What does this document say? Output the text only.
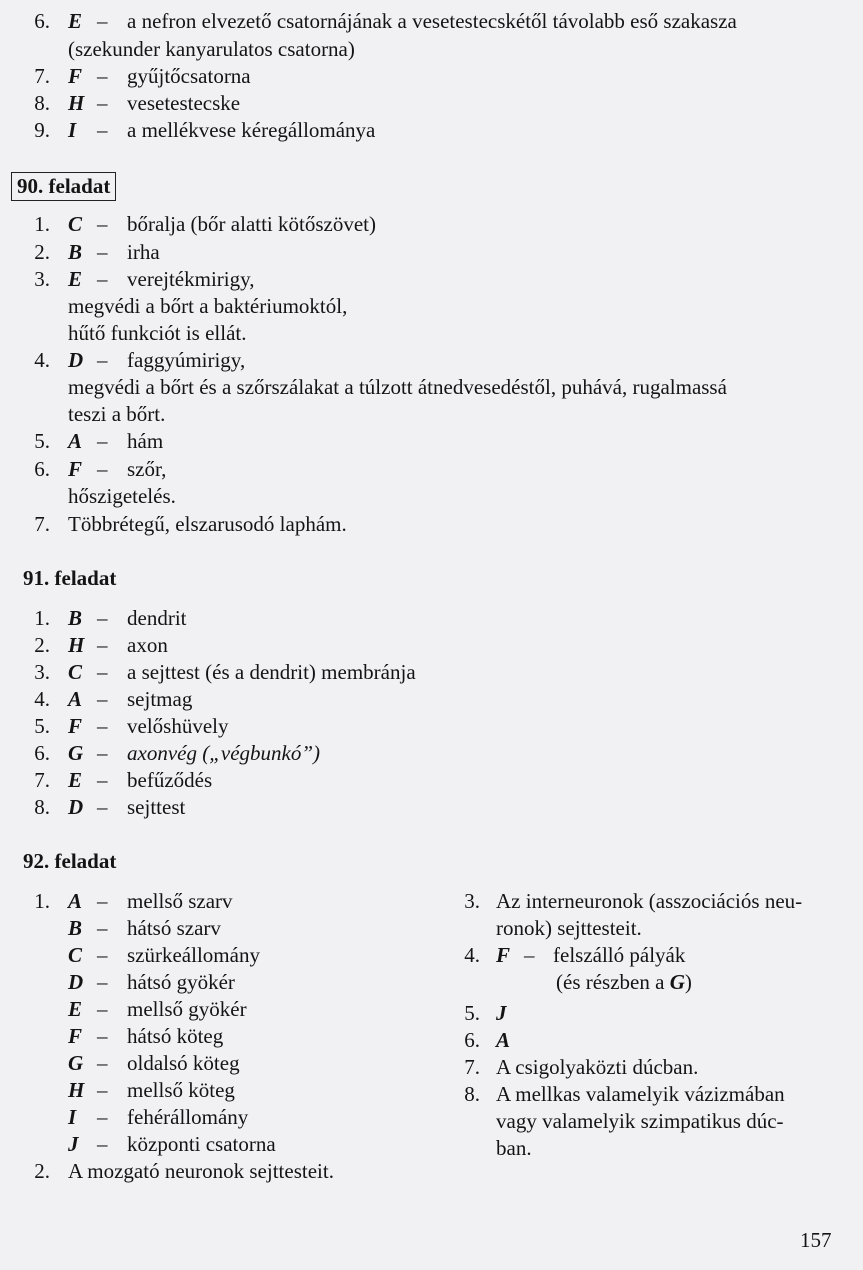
6. E – a nefron elvezető csatornájának a vesetestecskétől távolabb eső szakasza
(szekunder kanyarulatos csatorna)
7. F – gyűjtőcsatorna
8. H – vesetestecske
9. I – a mellékvese kéregállománya
90. feladat
1. C – bőralja (bőr alatti kötőszövet)
2. B – irha
3. E – verejtékmirigy,
megvédi a bőrt a baktériumoktól,
hűtő funkciót is ellát.
4. D – faggyúmirigy,
megvédi a bőrt és a szőrszálakat a túlzott átnedvesedéstől, puhává, rugalmassá
teszi a bőrt.
5. A – hám
6. F – szőr,
hőszigetelés.
7. Többrétegű, elszarusodó laphám.
91. feladat
1. B – dendrit
2. H – axon
3. C – a sejttest (és a dendrit) membránja
4. A – sejtmag
5. F – velőshüvely
6. G – axonvég („végbunkó”)
7. E – befűződés
8. D – sejttest
92. feladat
1. A – mellső szarv
B – hátsó szarv
C – szürkeállomány
D – hátsó gyökér
E – mellső gyökér
F – hátsó köteg
G – oldalsó köteg
H – mellső köteg
I – fehérállomány
J – központi csatorna
2. A mozgató neuronok sejttesteit.
3. Az interneuronok (asszociációs neu-
ronok) sejttesteit.
4. F – felszálló pályák
(és részben a G)
5. J
6. A
7. A csigolyaközti dúcban.
8. A mellkas valamelyik vázizmában
vagy valamelyik szimpatikus dúc-
ban.
157
